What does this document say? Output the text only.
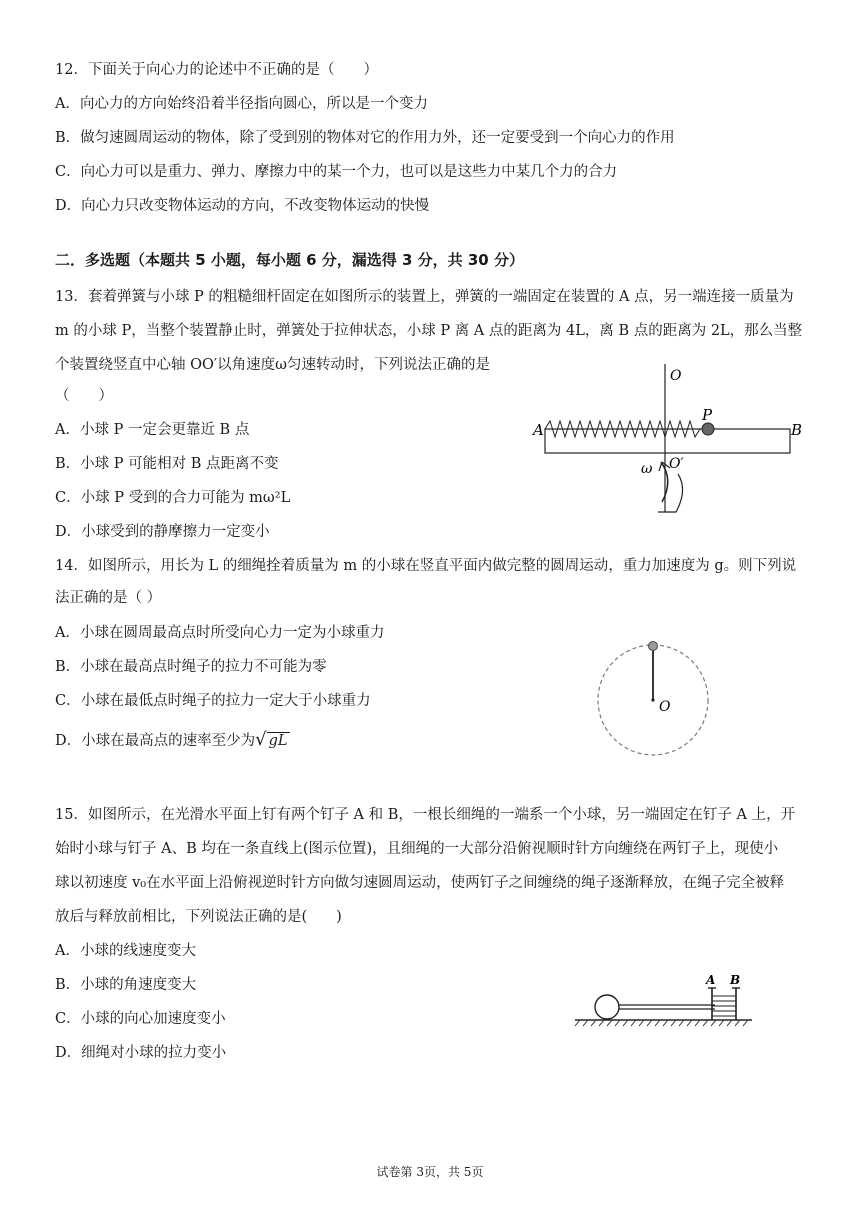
12．下面关于向心力的论述中不正确的是（　　）
A．向心力的方向始终沿着半径指向圆心，所以是一个变力
B．做匀速圆周运动的物体，除了受到别的物体对它的作用力外，还一定要受到一个向心力的作用
C．向心力可以是重力、弹力、摩擦力中的某一个力，也可以是这些力中某几个力的合力
D．向心力只改变物体运动的方向，不改变物体运动的快慢
二．多选题（本题共 5 小题，每小题 6 分，漏选得 3 分，共 30 分）
13．套着弹簧与小球 P 的粗糙细杆固定在如图所示的装置上，弹簧的一端固定在装置的 A 点，另一端连接一质量为
m 的小球 P，当整个装置静止时，弹簧处于拉伸状态，小球 P 离 A 点的距离为 4L，离 B 点的距离为 2L，那么当整
个装置绕竖直中心轴 OO′以角速度ω匀速转动时，下列说法正确的是
（　　）
A．小球 P 一定会更靠近 B 点
B．小球 P 可能相对 B 点距离不变
C．小球 P 受到的合力可能为 mω²L
D．小球受到的静摩擦力一定变小
O
P
A	B
O′
ω
14．如图所示，用长为 L 的细绳拴着质量为 m 的小球在竖直平面内做完整的圆周运动，重力加速度为 g。则下列说
法正确的是（ ）
A．小球在圆周最高点时所受向心力一定为小球重力
B．小球在最高点时绳子的拉力不可能为零
C．小球在最低点时绳子的拉力一定大于小球重力
D．小球在最高点的速率至少为√ gL
O
15．如图所示，在光滑水平面上钉有两个钉子 A 和 B，一根长细绳的一端系一个小球，另一端固定在钉子 A 上，开
始时小球与钉子 A、B 均在一条直线上(图示位置)，且细绳的一大部分沿俯视顺时针方向缠绕在两钉子上，现使小
球以初速度 v₀在水平面上沿俯视逆时针方向做匀速圆周运动，使两钉子之间缠绕的绳子逐渐释放，在绳子完全被释
放后与释放前相比，下列说法正确的是(　　)
A．小球的线速度变大
B．小球的角速度变大
C．小球的向心加速度变小
D．细绳对小球的拉力变小
A B
试卷第 3页，共 5页
